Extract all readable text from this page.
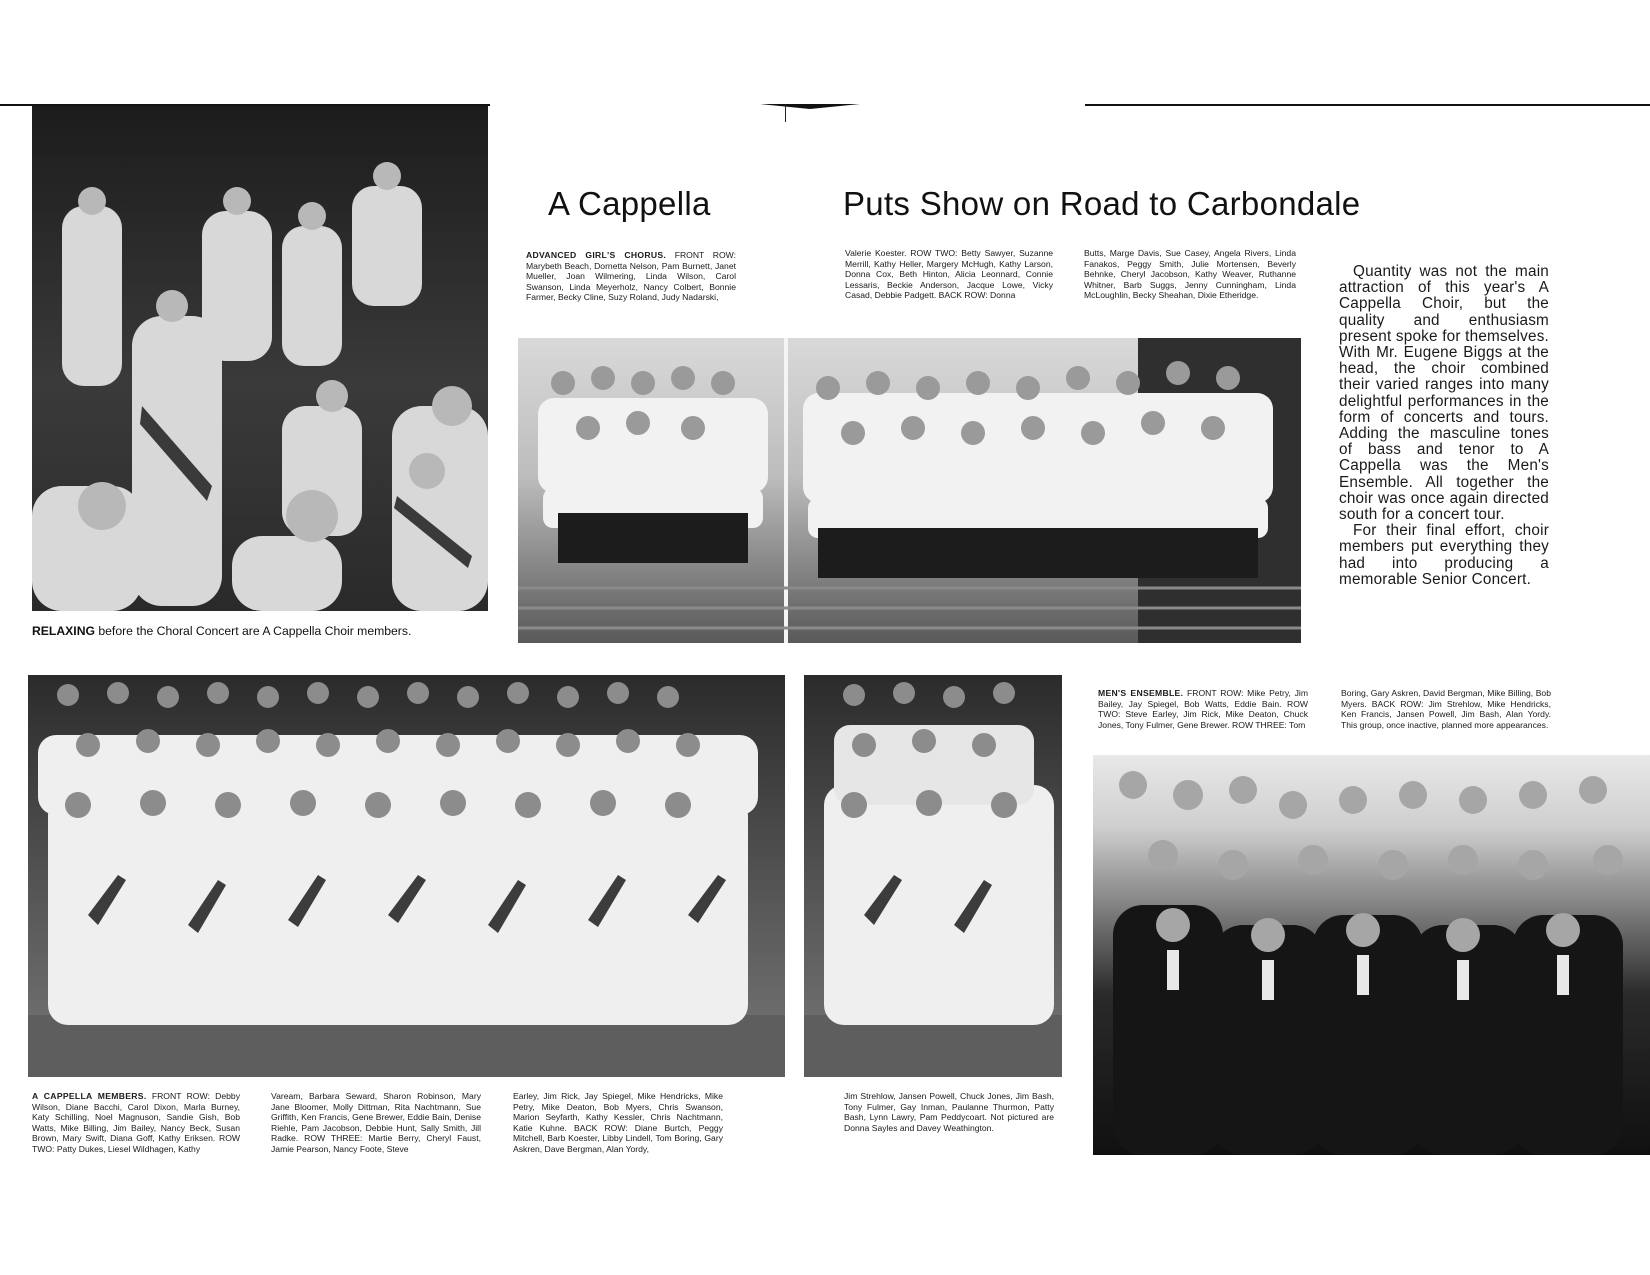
A Cappella	Puts Show on Road to Carbondale
RELAXING before the Choral Concert are A Cappella Choir members.
ADVANCED GIRL'S CHORUS. FRONT ROW: Marybeth Beach, Dornetta Nelson, Pam Burnett, Janet Mueller, Joan Wilmering, Linda Wilson, Carol Swanson, Linda Meyerholz, Nancy Colbert, Bonnie Farmer, Becky Cline, Suzy Roland, Judy Nadarski,
Valerie Koester. ROW TWO: Betty Sawyer, Suzanne Merrill, Kathy Heller, Margery McHugh, Kathy Larson, Donna Cox, Beth Hinton, Alicia Leonnard, Connie Lessaris, Beckie Anderson, Jacque Lowe, Vicky Casad, Debbie Padgett. BACK ROW: Donna
Butts, Marge Davis, Sue Casey, Angela Rivers, Linda Fanakos, Peggy Smith, Julie Mortensen, Beverly Behnke, Cheryl Jacobson, Kathy Weaver, Ruthanne Whitner, Barb Suggs, Jenny Cunningham, Linda McLoughlin, Becky Sheahan, Dixie Etheridge.

Quantity was not the main attraction of this year's A Cappella Choir, but the quality and enthusiasm present spoke for themselves. With Mr. Eugene Biggs at the head, the choir combined their varied ranges into many delightful performances in the form of concerts and tours. Adding the masculine tones of bass and tenor to A Cappella was the Men's Ensemble. All together the choir was once again directed south for a concert tour.

For their final effort, choir members put everything they had into producing a memorable Senior Concert.

MEN'S ENSEMBLE. FRONT ROW: Mike Petry, Jim Bailey, Jay Spiegel, Bob Watts, Eddie Bain. ROW TWO: Steve Earley, Jim Rick, Mike Deaton, Chuck Jones, Tony Fulmer, Gene Brewer. ROW THREE: Tom
Boring, Gary Askren, David Bergman, Mike Billing, Bob Myers. BACK ROW: Jim Strehlow, Mike Hendricks, Ken Francis, Jansen Powell, Jim Bash, Alan Yordy. This group, once inactive, planned more appearances.
A CAPPELLA MEMBERS. FRONT ROW: Debby Wilson, Diane Bacchi, Carol Dixon, Marla Burney, Katy Schilling, Noel Magnuson, Sandie Gish, Bob Watts, Mike Billing, Jim Bailey, Nancy Beck, Susan Brown, Mary Swift, Diana Goff, Kathy Eriksen. ROW TWO: Patty Dukes, Liesel Wildhagen, Kathy
Vaream, Barbara Seward, Sharon Robinson, Mary Jane Bloomer, Molly Dittman, Rita Nachtmann, Sue Griffith, Ken Francis, Gene Brewer, Eddie Bain, Denise Riehle, Pam Jacobson, Debbie Hunt, Sally Smith, Jill Radke. ROW THREE: Martie Berry, Cheryl Faust, Jamie Pearson, Nancy Foote, Steve
Earley, Jim Rick, Jay Spiegel, Mike Hendricks, Mike Petry, Mike Deaton, Bob Myers, Chris Swanson, Marion Seyfarth, Kathy Kessler, Chris Nachtmann, Katie Kuhne. BACK ROW: Diane Burtch, Peggy Mitchell, Barb Koester, Libby Lindell, Tom Boring, Gary Askren, Dave Bergman, Alan Yordy,
Jim Strehlow, Jansen Powell, Chuck Jones, Jim Bash, Tony Fulmer, Gay Inman, Paulanne Thurmon, Patty Bash, Lynn Lawry, Pam Peddycoart. Not pictured are Donna Sayles and Davey Weathington.
